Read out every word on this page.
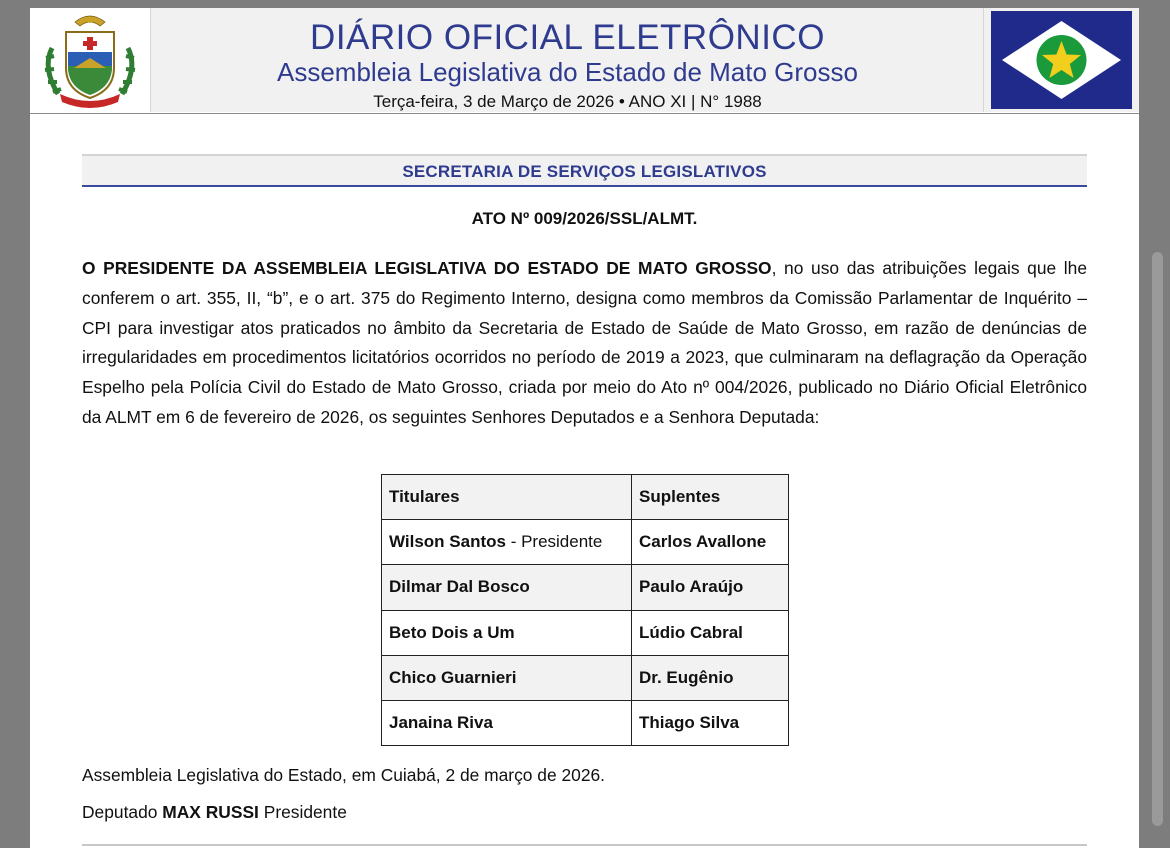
DIÁRIO OFICIAL ELETRÔNICO
Assembleia Legislativa do Estado de Mato Grosso
Terça-feira, 3 de Março de 2026 • ANO XI | N° 1988
SECRETARIA DE SERVIÇOS LEGISLATIVOS
ATO Nº 009/2026/SSL/ALMT.

O PRESIDENTE DA ASSEMBLEIA LEGISLATIVA DO ESTADO DE MATO GROSSO, no uso das atribuições legais que lhe conferem o art. 355, II, “b”, e o art. 375 do Regimento Interno, designa como membros da Comissão Parlamentar de Inquérito – CPI para investigar atos praticados no âmbito da Secretaria de Estado de Saúde de Mato Grosso, em razão de denúncias de irregularidades em procedimentos licitatórios ocorridos no período de 2019 a 2023, que culminaram na deflagração da Operação Espelho pela Polícia Civil do Estado de Mato Grosso, criada por meio do Ato nº 004/2026, publicado no Diário Oficial Eletrônico da ALMT em 6 de fevereiro de 2026, os seguintes Senhores Deputados e a Senhora Deputada:

Titulares	Suplentes
Wilson Santos - Presidente	Carlos Avallone
Dilmar Dal Bosco	Paulo Araújo
Beto Dois a Um	Lúdio Cabral
Chico Guarnieri	Dr. Eugênio
Janaina Riva	Thiago Silva
Assembleia Legislativa do Estado, em Cuiabá, 2 de março de 2026.
Deputado MAX RUSSI Presidente
